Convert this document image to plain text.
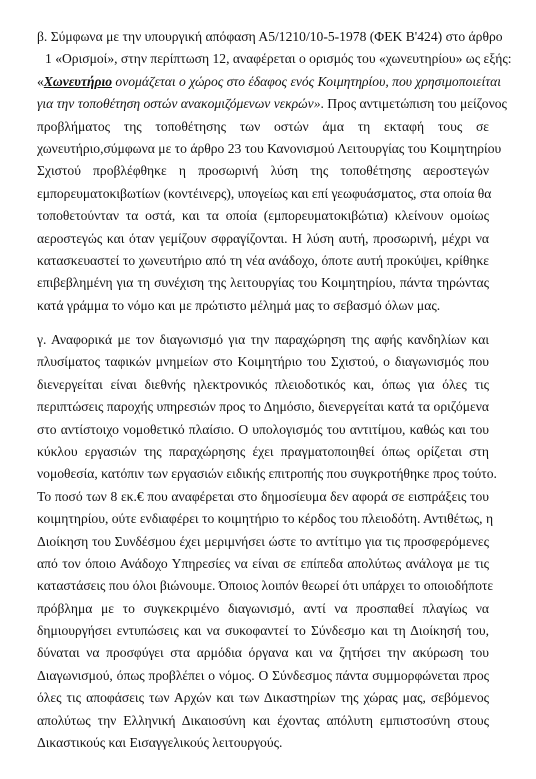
β. Σύμφωνα με την υπουργική απόφαση Α5/1210/10-5-1978 (ΦΕΚ Β'424) στο άρθρο
1 «Ορισμοί», στην περίπτωση 12, αναφέρεται ο ορισμός του «χωνευτηρίου» ως εξής:
«Χωνευτήριο ονομάζεται ο χώρος στο έδαφος ενός Κοιμητηρίου, που χρησιμοποιείται
για την τοποθέτηση οστών ανακομιζόμενων νεκρών». Προς αντιμετώπιση του μείζονος
προβλήματος της τοποθέτησης των οστών άμα τη εκταφή τους σε
χωνευτήριο,σύμφωνα με το άρθρο 23 του Κανονισμού Λειτουργίας του Κοιμητηρίου
Σχιστού προβλέφθηκε η προσωρινή λύση της τοποθέτησης αεροστεγών
εμπορευματοκιβωτίων (κοντέινερς), υπογείως και επί γεωφυάσματος, στα οποία θα
τοποθετούνταν τα οστά, και τα οποία (εμπορευματοκιβώτια) κλείνουν ομοίως
αεροστεγώς και όταν γεμίζουν σφραγίζονται. Η λύση αυτή, προσωρινή, μέχρι να
κατασκευαστεί το χωνευτήριο από τη νέα ανάδοχο, όποτε αυτή προκύψει, κρίθηκε
επιβεβλημένη για τη συνέχιση της λειτουργίας του Κοιμητηρίου, πάντα τηρώντας
κατά γράμμα το νόμο και με πρώτιστο μέλημά μας το σεβασμό όλων μας.
γ. Αναφορικά με τον διαγωνισμό για την παραχώρηση της αφής κανδηλίων και
πλυσίματος ταφικών μνημείων στο Κοιμητήριο του Σχιστού, ο διαγωνισμός που
διενεργείται είναι διεθνής ηλεκτρονικός πλειοδοτικός και, όπως για όλες τις
περιπτώσεις παροχής υπηρεσιών προς το Δημόσιο, διενεργείται κατά τα οριζόμενα
στο αντίστοιχο νομοθετικό πλαίσιο. Ο υπολογισμός του αντιτίμου, καθώς και του
κύκλου εργασιών της παραχώρησης έχει πραγματοποιηθεί όπως ορίζεται στη
νομοθεσία, κατόπιν των εργασιών ειδικής επιτροπής που συγκροτήθηκε προς τούτο.
Το ποσό των 8 εκ.€ που αναφέρεται στο δημοσίευμα δεν αφορά σε εισπράξεις του
κοιμητηρίου, ούτε ενδιαφέρει το κοιμητήριο το κέρδος του πλειοδότη. Αντιθέτως, η
Διοίκηση του Συνδέσμου έχει μεριμνήσει ώστε το αντίτιμο για τις προσφερόμενες
από τον όποιο Ανάδοχο Υπηρεσίες να είναι σε επίπεδα απολύτως ανάλογα με τις
καταστάσεις που όλοι βιώνουμε. Όποιος λοιπόν θεωρεί ότι υπάρχει το οποιοδήποτε
πρόβλημα με το συγκεκριμένο διαγωνισμό, αντί να προσπαθεί πλαγίως να
δημιουργήσει εντυπώσεις και να συκοφαντεί το Σύνδεσμο και τη Διοίκησή του,
δύναται να προσφύγει στα αρμόδια όργανα και να ζητήσει την ακύρωση του
Διαγωνισμού, όπως προβλέπει ο νόμος. Ο Σύνδεσμος πάντα συμμορφώνεται προς
όλες τις αποφάσεις των Αρχών και των Δικαστηρίων της χώρας μας, σεβόμενος
απολύτως την Ελληνική Δικαιοσύνη και έχοντας απόλυτη εμπιστοσύνη στους
Δικαστικούς και Εισαγγελικούς λειτουργούς.
